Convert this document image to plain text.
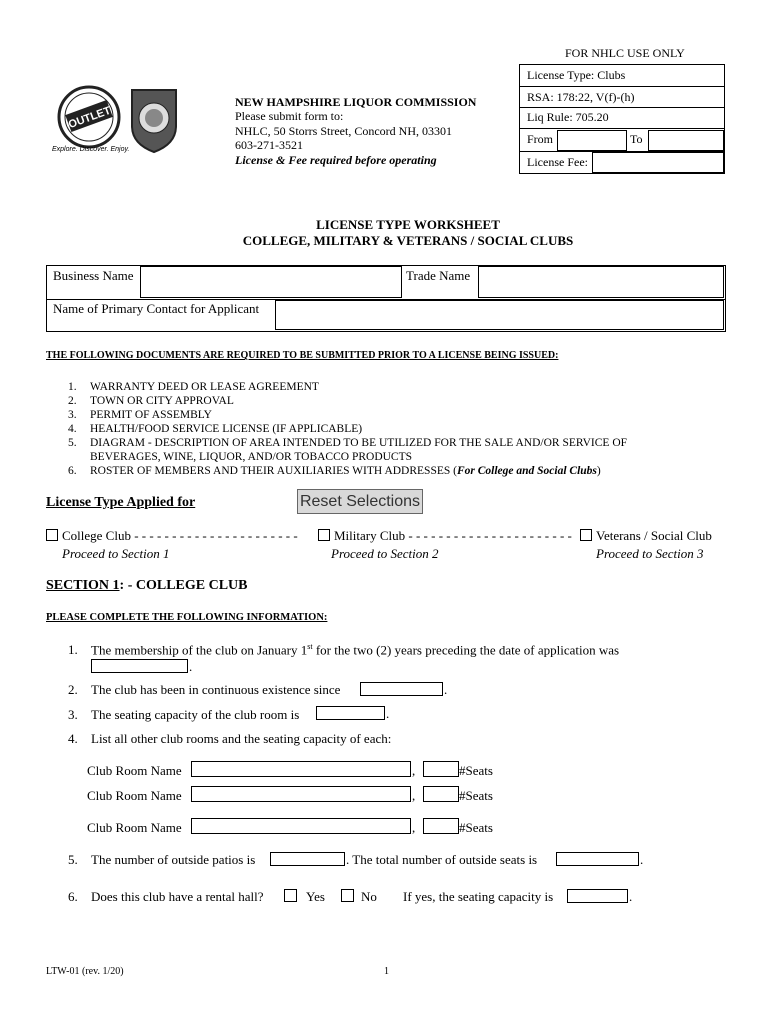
FOR NHLC USE ONLY
License Type: Clubs
RSA: 178:22, V(f)-(h)
Liq Rule: 705.20
From	To
License Fee:
OUTLET
Explore. Discover. Enjoy.
NEW HAMPSHIRE LIQUOR COMMISSION
Please submit form to:
NHLC, 50 Storrs Street, Concord NH, 03301
603-271-3521
License & Fee required before operating
LICENSE TYPE WORKSHEET
COLLEGE, MILITARY & VETERANS / SOCIAL CLUBS
Business Name	Trade Name
Name of Primary Contact for Applicant
THE FOLLOWING DOCUMENTS ARE REQUIRED TO BE SUBMITTED PRIOR TO A LICENSE BEING ISSUED:
1. WARRANTY DEED OR LEASE AGREEMENT
2. TOWN OR CITY APPROVAL
3. PERMIT OF ASSEMBLY
4. HEALTH/FOOD SERVICE LICENSE (IF APPLICABLE)
5. DIAGRAM - DESCRIPTION OF AREA INTENDED TO BE UTILIZED FOR THE SALE AND/OR SERVICE OF
BEVERAGES, WINE, LIQUOR, AND/OR TOBACCO PRODUCTS
6. ROSTER OF MEMBERS AND THEIR AUXILIARIES WITH ADDRESSES (For College and Social Clubs)
License Type Applied for	Reset Selections
College Club - - - - - - - - - - - - - - - - - - - - - -	Military Club - - - - - - - - - - - - - - - - - - - - - -	Veterans / Social Club
Proceed to Section 1	Proceed to Section 2	Proceed to Section 3
SECTION 1: - COLLEGE CLUB
PLEASE COMPLETE THE FOLLOWING INFORMATION:
1. The membership of the club on January 1st for the two (2) years preceding the date of application was
.
2. The club has been in continuous existence since	.
3. The seating capacity of the club room is	.
4. List all other club rooms and the seating capacity of each:
Club Room Name	,	#Seats
Club Room Name	,	#Seats
Club Room Name	,	#Seats
5. The number of outside patios is	. The total number of outside seats is	.
6. Does this club have a rental hall?	Yes	No If yes, the seating capacity is	.
LTW-01 (rev. 1/20)	1
